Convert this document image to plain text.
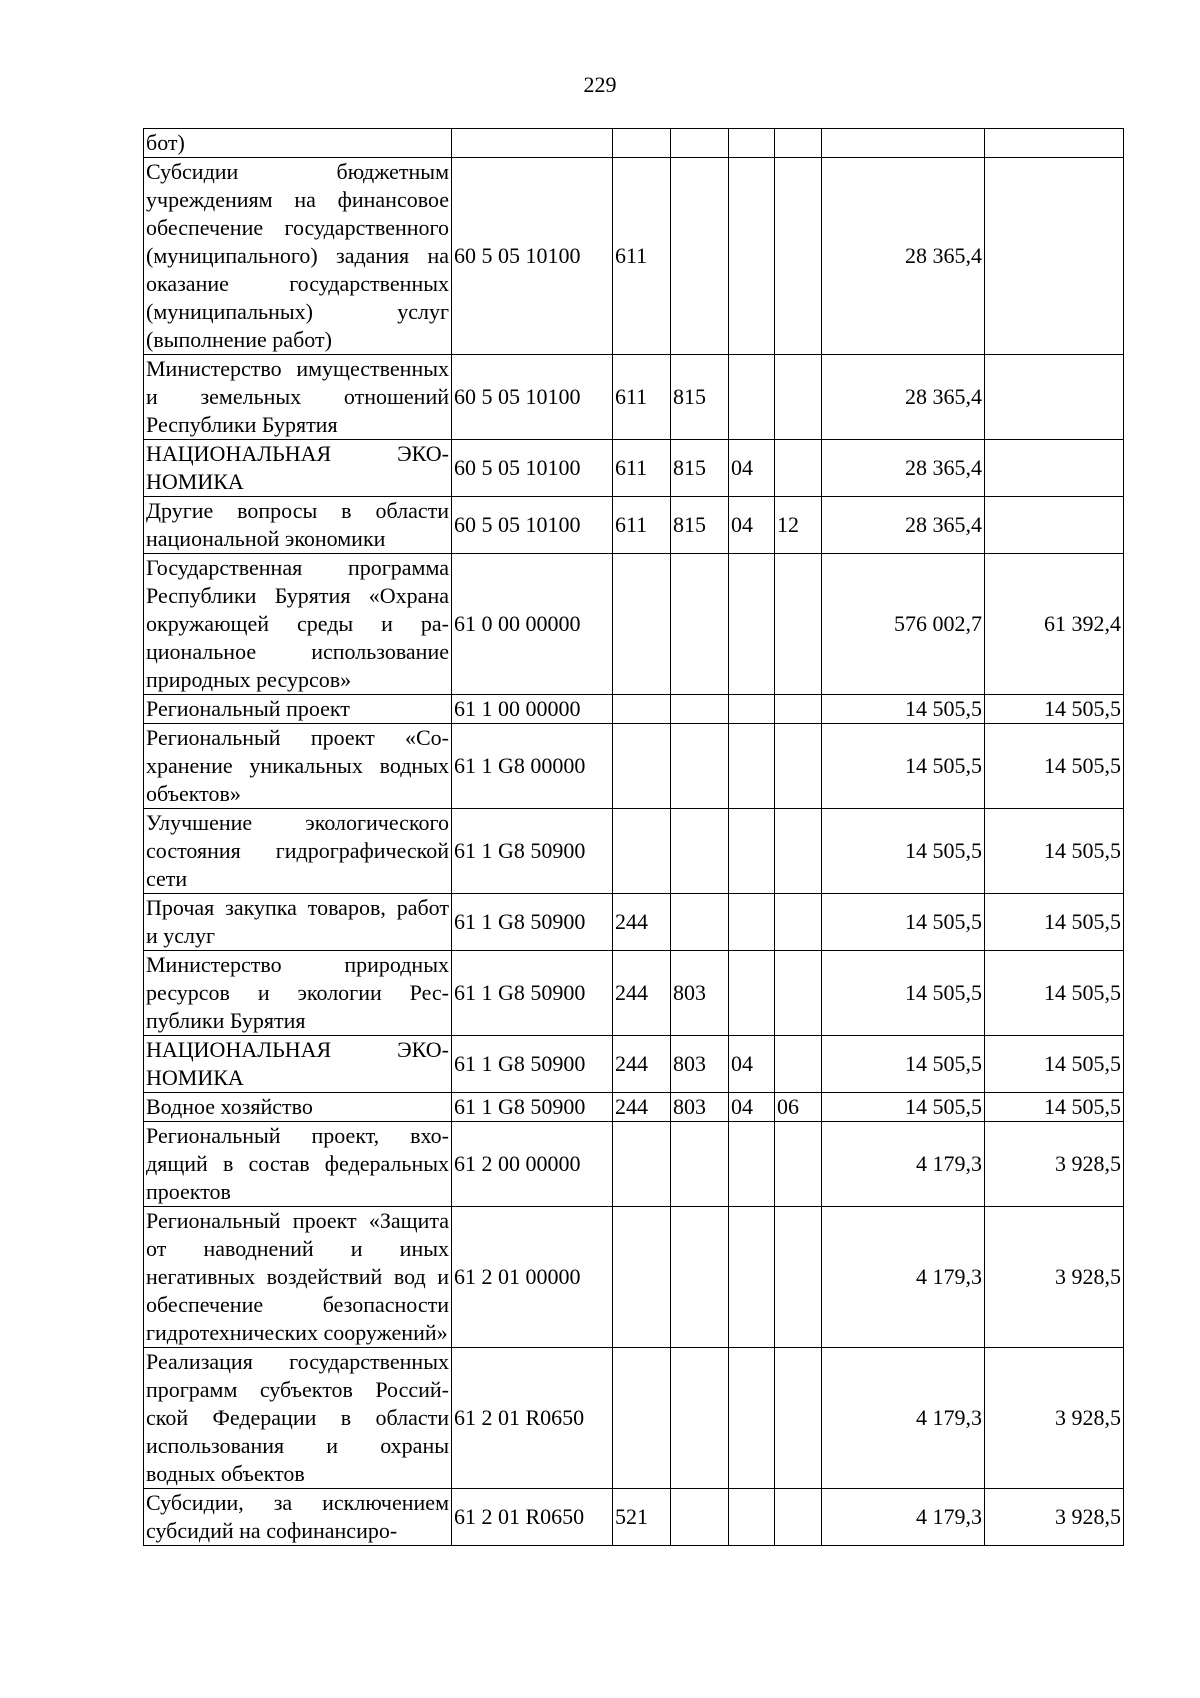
229
бот)							
Субсидии бюджетным учреждениям на финансовое обеспечение государственного (муниципального) задания на оказание государственных (муниципальных) услуг (выполнение работ)	60 5 05 10100	611				28 365,4	
Министерство имущественных и земельных отношений Республики Бурятия	60 5 05 10100	611	815			28 365,4	
НАЦИОНАЛЬНАЯ ЭКОНОМИКА	60 5 05 10100	611	815	04		28 365,4	
Другие вопросы в области национальной экономики	60 5 05 10100	611	815	04	12	28 365,4	
Государственная программа Республики Бурятия «Охрана окружающей среды и рациональное использование природных ресурсов»	61 0 00 00000					576 002,7	61 392,4
Региональный проект	61 1 00 00000					14 505,5	14 505,5
Региональный проект «Сохранение уникальных водных объектов»	61 1 G8 00000					14 505,5	14 505,5
Улучшение экологического состояния гидрографической сети	61 1 G8 50900					14 505,5	14 505,5
Прочая закупка товаров, работ и услуг	61 1 G8 50900	244				14 505,5	14 505,5
Министерство природных ресурсов и экологии Республики Бурятия	61 1 G8 50900	244	803			14 505,5	14 505,5
НАЦИОНАЛЬНАЯ ЭКОНОМИКА	61 1 G8 50900	244	803	04		14 505,5	14 505,5
Водное хозяйство	61 1 G8 50900	244	803	04	06	14 505,5	14 505,5
Региональный проект, входящий в состав федеральных проектов	61 2 00 00000					4 179,3	3 928,5
Региональный проект «Защита от наводнений и иных негативных воздействий вод и обеспечение безопасности гидротехнических сооружений»	61 2 01 00000					4 179,3	3 928,5
Реализация государственных программ субъектов Российской Федерации в области использования и охраны водных объектов	61 2 01 R0650					4 179,3	3 928,5
Субсидии, за исключением субсидий на софинансиро-	61 2 01 R0650	521				4 179,3	3 928,5
